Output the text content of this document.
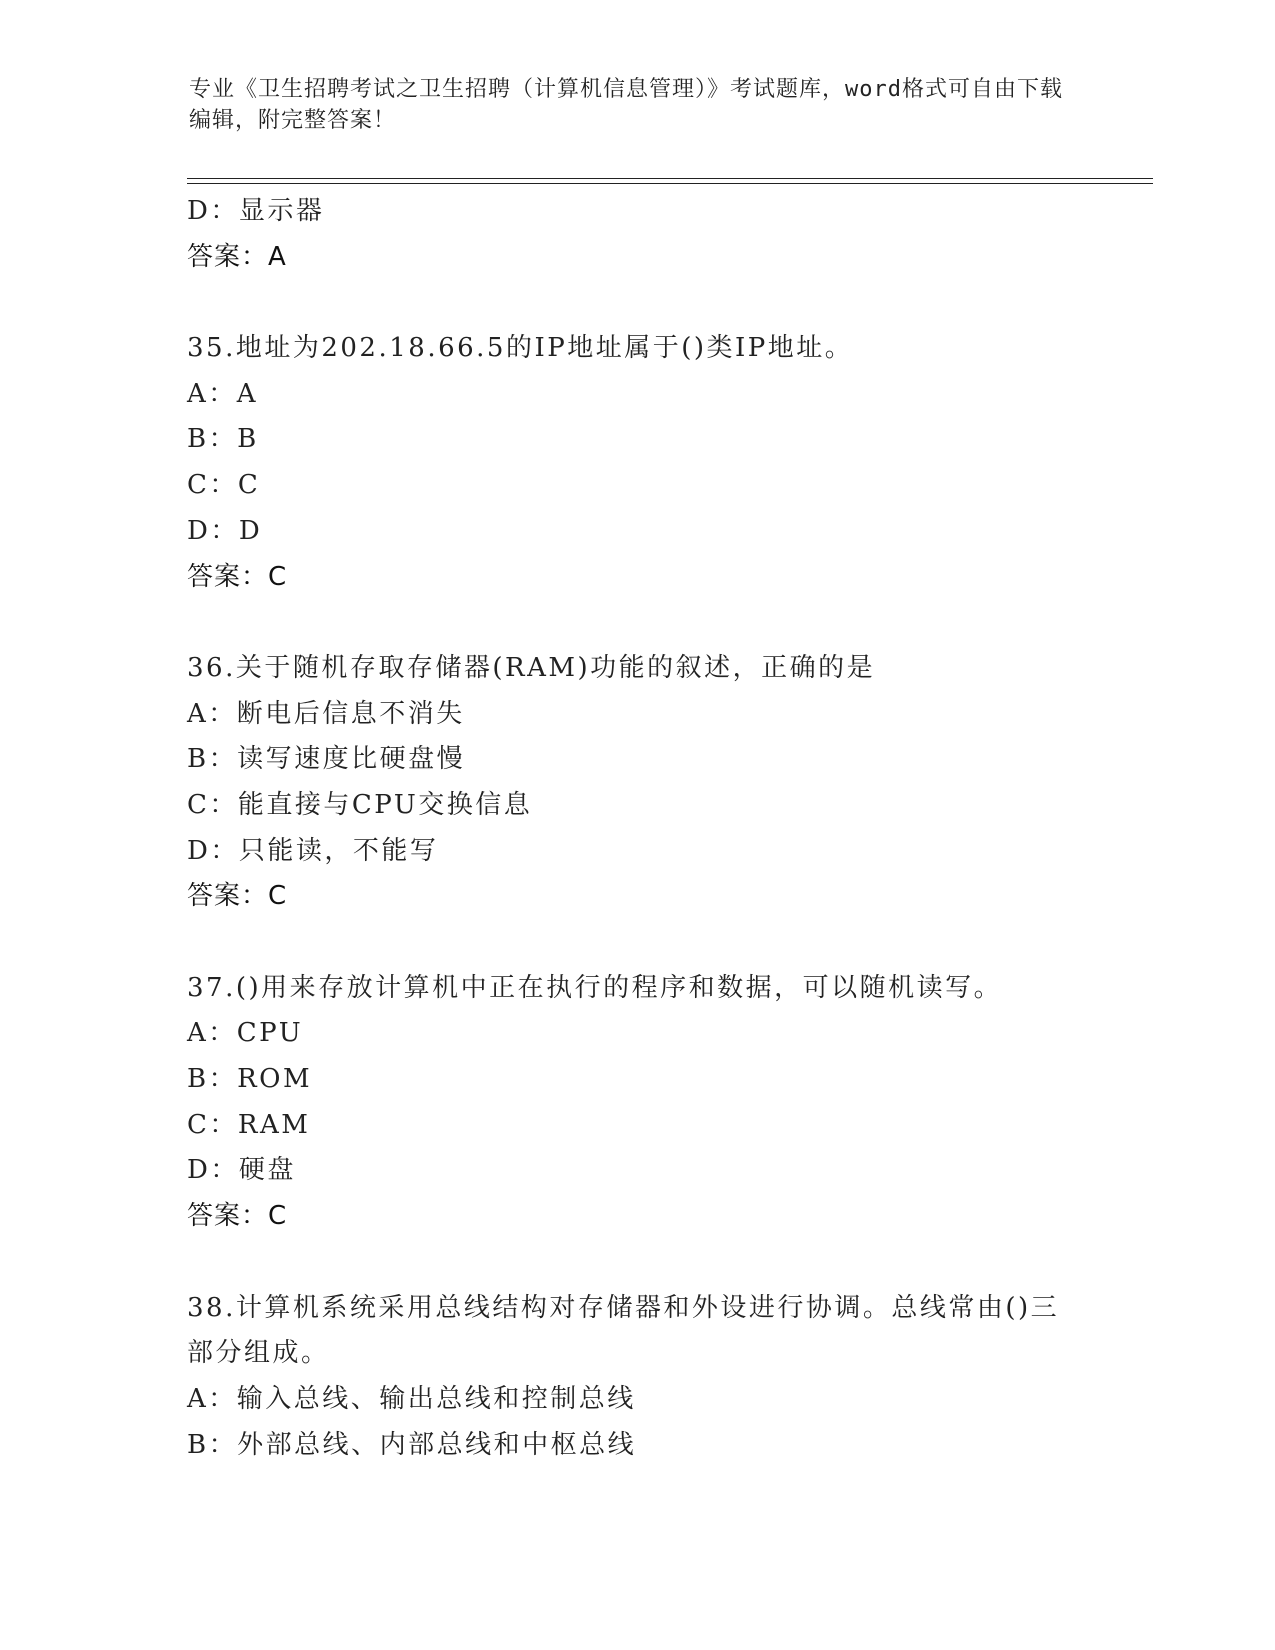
专业《卫生招聘考试之卫生招聘（计算机信息管理）》考试题库，word格式可自由下载编辑，附完整答案！
D：显示器
答案：A
35.地址为202.18.66.5的IP地址属于()类IP地址。
A：A
B：B
C：C
D：D
答案：C
36.关于随机存取存储器(RAM)功能的叙述，正确的是
A：断电后信息不消失
B：读写速度比硬盘慢
C：能直接与CPU交换信息
D：只能读，不能写
答案：C
37.()用来存放计算机中正在执行的程序和数据，可以随机读写。
A：CPU
B：ROM
C：RAM
D：硬盘
答案：C
38.计算机系统采用总线结构对存储器和外设进行协调。总线常由()三部分组成。
A：输入总线、输出总线和控制总线
B：外部总线、内部总线和中枢总线
